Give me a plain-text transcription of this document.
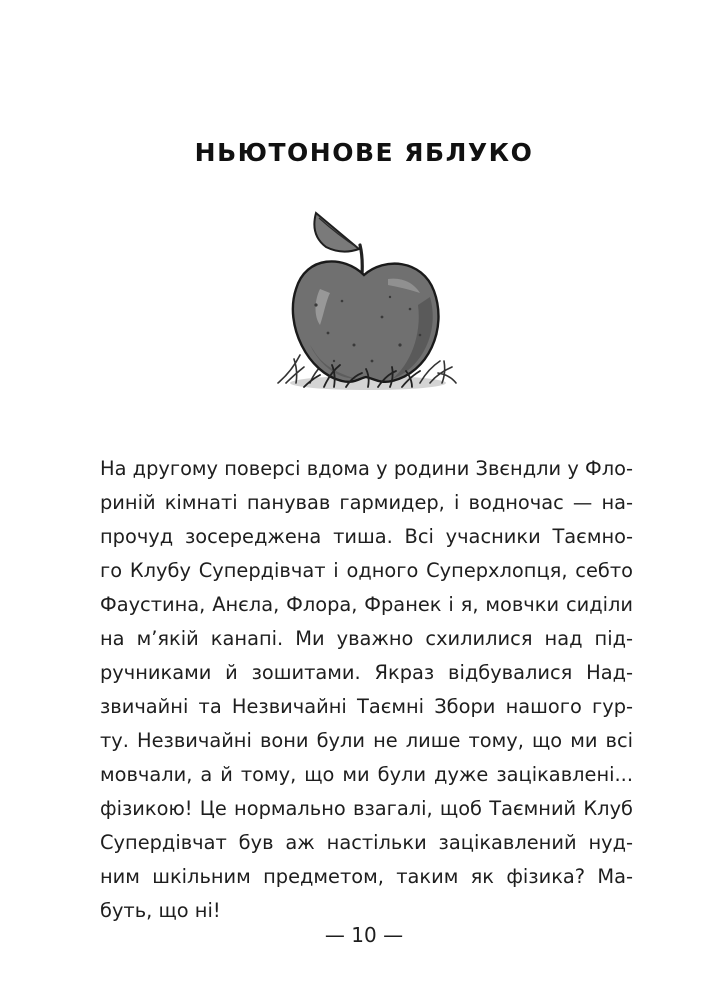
НЬЮТОНОВЕ ЯБЛУКО
На другому поверсі вдома у родини Звєндли у Фло-
риній кімнаті панував гармидер, і водночас — на-
прочуд зосереджена тиша. Всі учасники Таємно-
го Клубу Супердівчат і одного Суперхлопця, себто
Фаустина, Анєла, Флора, Франек і я, мовчки сиділи
на м’якій канапі. Ми уважно схилилися над під-
ручниками й зошитами. Якраз відбувалися Над-
звичайні та Незвичайні Таємні Збори нашого гур-
ту. Незвичайні вони були не лише тому, що ми всі
мовчали, а й тому, що ми були дуже зацікавлені...
фізикою! Це нормально взагалі, щоб Таємний Клуб
Супердівчат був аж настільки зацікавлений нуд-
ним шкільним предметом, таким як фізика? Ма-
буть, що ні!
— 10 —
